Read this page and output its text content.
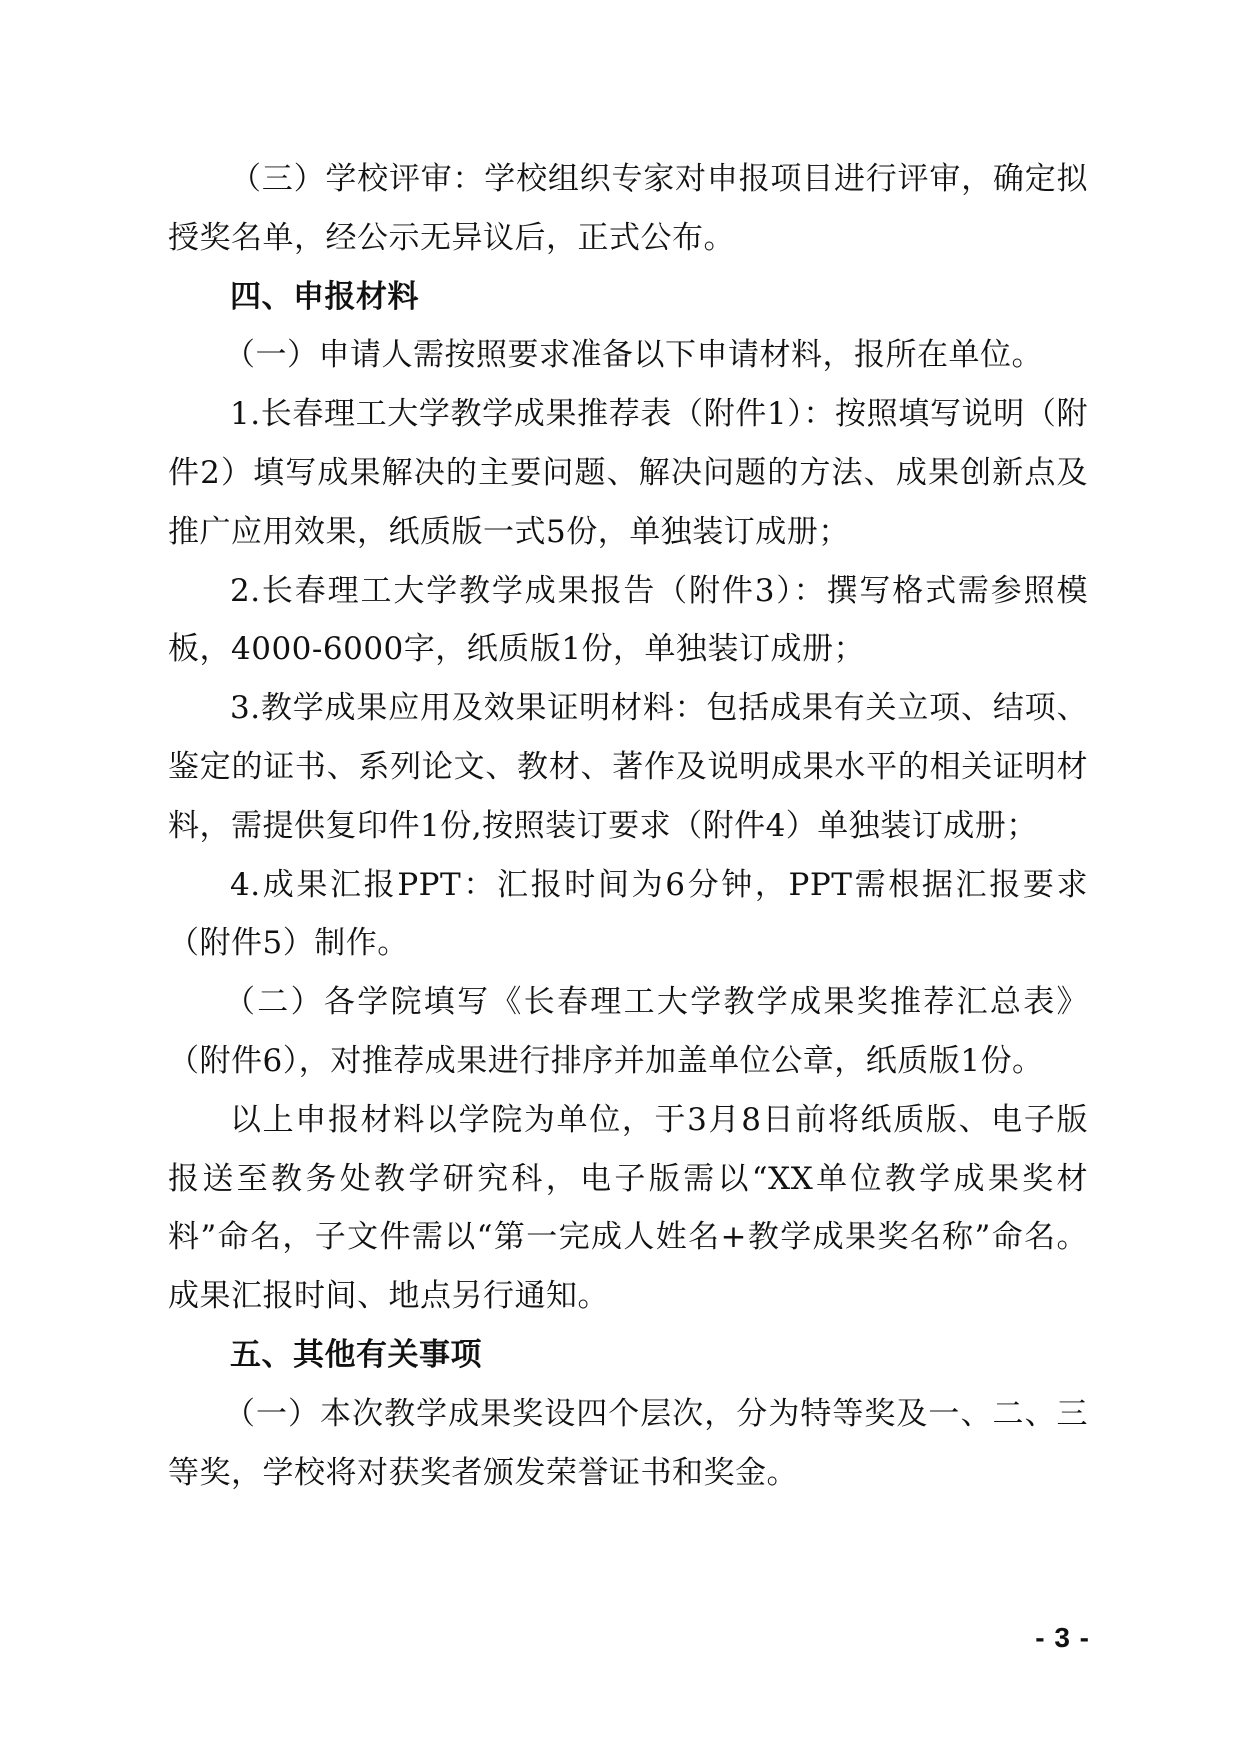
（三）学校评审：学校组织专家对申报项目进行评审，确定拟授奖名单，经公示无异议后，正式公布。

四、申报材料

（一）申请人需按照要求准备以下申请材料，报所在单位。

1.长春理工大学教学成果推荐表（附件1）：按照填写说明（附件2）填写成果解决的主要问题、解决问题的方法、成果创新点及推广应用效果，纸质版一式5份，单独装订成册；

2.长春理工大学教学成果报告（附件3）：撰写格式需参照模板，4000-6000字，纸质版1份，单独装订成册；

3.教学成果应用及效果证明材料：包括成果有关立项、结项、鉴定的证书、系列论文、教材、著作及说明成果水平的相关证明材料，需提供复印件1份,按照装订要求（附件4）单独装订成册；

4.成果汇报PPT：汇报时间为6分钟，PPT需根据汇报要求（附件5）制作。

（二）各学院填写《长春理工大学教学成果奖推荐汇总表》（附件6），对推荐成果进行排序并加盖单位公章，纸质版1份。

以上申报材料以学院为单位，于3月8日前将纸质版、电子版报送至教务处教学研究科，电子版需以“XX单位教学成果奖材料”命名，子文件需以“第一完成人姓名+教学成果奖名称”命名。成果汇报时间、地点另行通知。

五、其他有关事项

（一）本次教学成果奖设四个层次，分为特等奖及一、二、三等奖，学校将对获奖者颁发荣誉证书和奖金。

- 3 -
